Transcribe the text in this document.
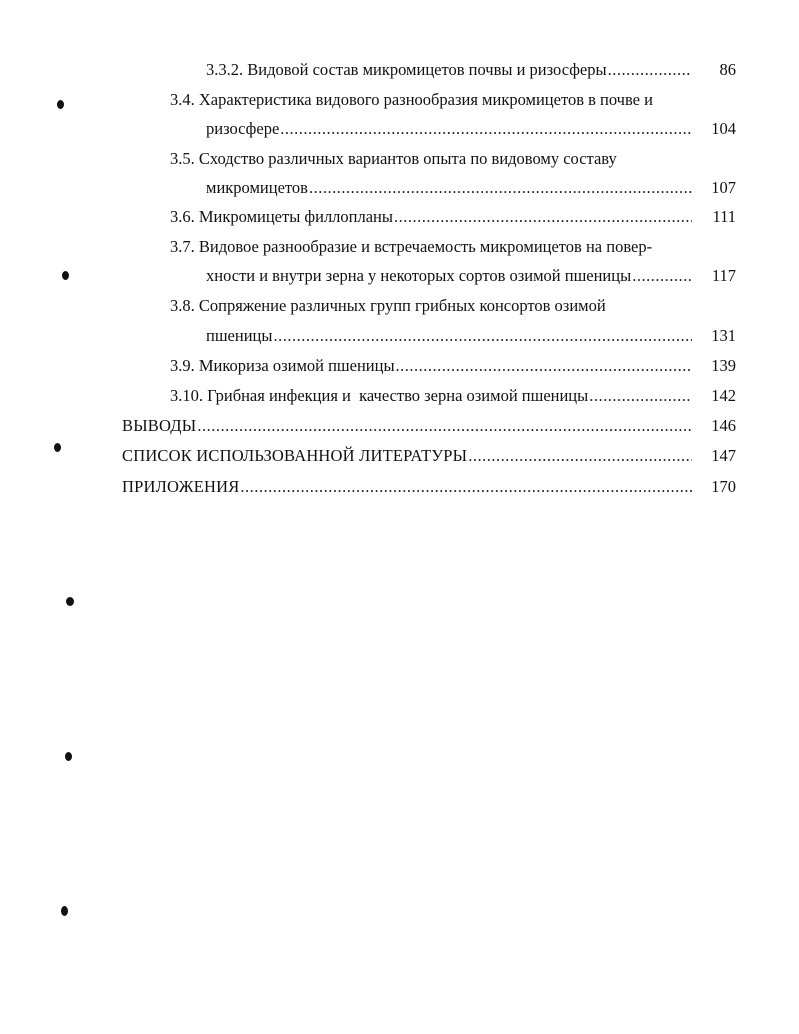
3.3.2. Видовой состав микромицетов почвы и ризосферы .....	86
3.4. Характеристика видового разнообразия микромицетов в почве и
ризосфере .....	104
3.5. Сходство различных вариантов опыта по видовому составу
микромицетов .....	107
3.6. Микромицеты филлопланы .....	111
3.7. Видовое разнообразие и встречаемость микромицетов на повер-
хности и внутри зерна у некоторых сортов озимой пшеницы .....	117
3.8. Сопряжение различных групп грибных консортов озимой
пшеницы .....	131
3.9. Микориза озимой пшеницы .....	139
3.10. Грибная инфекция и  качество зерна озимой пшеницы .....	142
ВЫВОДЫ .....	146
СПИСОК ИСПОЛЬЗОВАННОЙ ЛИТЕРАТУРЫ .....	147
ПРИЛОЖЕНИЯ .....	170
